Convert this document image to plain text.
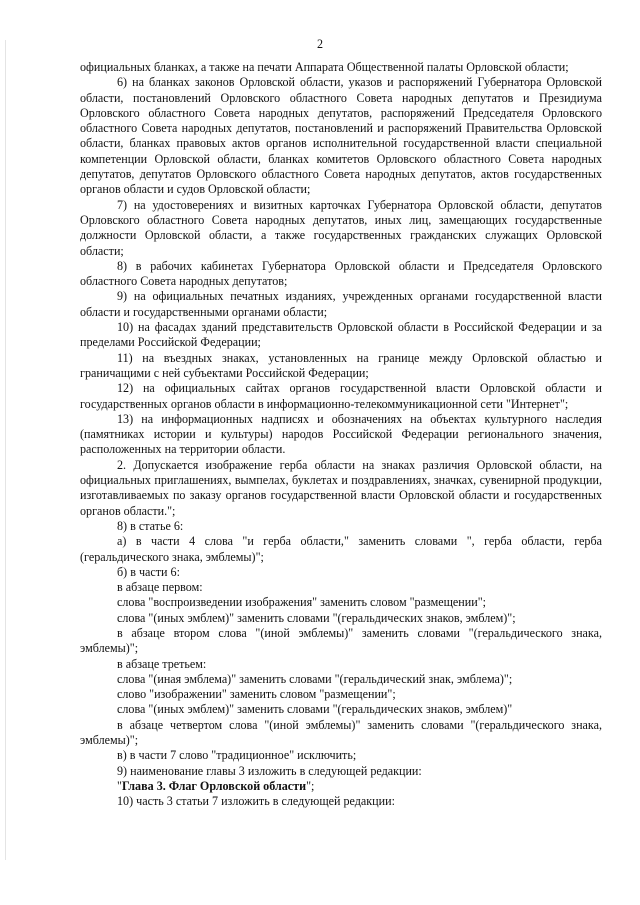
2

официальных бланках, а также на печати Аппарата Общественной палаты Орловской области;

6) на бланках законов Орловской области, указов и распоряжений Губернатора Орловской области, постановлений Орловского областного Совета народных депутатов и Президиума Орловского областного Совета народных депутатов, распоряжений Председателя Орловского областного Совета народных депутатов, постановлений и распоряжений Правительства Орловской области, бланках правовых актов органов исполнительной государственной власти специальной компетенции Орловской области, бланках комитетов Орловского областного Совета народных депутатов, депутатов Орловского областного Совета народных депутатов, актов государственных органов области и судов Орловской области;

7) на удостоверениях и визитных карточках Губернатора Орловской области, депутатов Орловского областного Совета народных депутатов, иных лиц, замещающих государственные должности Орловской области, а также государственных гражданских служащих Орловской области;

8) в рабочих кабинетах Губернатора Орловской области и Председателя Орловского областного Совета народных депутатов;

9) на официальных печатных изданиях, учрежденных органами государственной власти области и государственными органами области;

10) на фасадах зданий представительств Орловской области в Российской Федерации и за пределами Российской Федерации;

11) на въездных знаках, установленных на границе между Орловской областью и граничащими с ней субъектами Российской Федерации;

12) на официальных сайтах органов государственной власти Орловской области и государственных органов области в информационно-телекоммуникационной сети "Интернет";

13) на информационных надписях и обозначениях на объектах культурного наследия (памятниках истории и культуры) народов Российской Федерации регионального значения, расположенных на территории области.

2. Допускается изображение герба области на знаках различия Орловской области, на официальных приглашениях, вымпелах, буклетах и поздравлениях, значках, сувенирной продукции, изготавливаемых по заказу органов государственной власти Орловской области и государственных органов области.";

8) в статье 6:

а) в части 4 слова "и герба области," заменить словами ", герба области, герба (геральдического знака, эмблемы)";

б) в части 6:

в абзаце первом:

слова "воспроизведении изображения" заменить словом "размещении";

слова "(иных эмблем)" заменить словами "(геральдических знаков, эмблем)";

в абзаце втором слова "(иной эмблемы)" заменить словами "(геральдического знака, эмблемы)";

в абзаце третьем:

слова "(иная эмблема)" заменить словами "(геральдический знак, эмблема)";

слово "изображении" заменить словом "размещении";

слова "(иных эмблем)" заменить словами "(геральдических знаков, эмблем)"

в абзаце четвертом слова "(иной эмблемы)" заменить словами "(геральдического знака, эмблемы)";

в) в части 7 слово "традиционное" исключить;

9) наименование главы 3 изложить в следующей редакции:

"Глава 3. Флаг Орловской области";

10) часть 3 статьи 7 изложить в следующей редакции:
